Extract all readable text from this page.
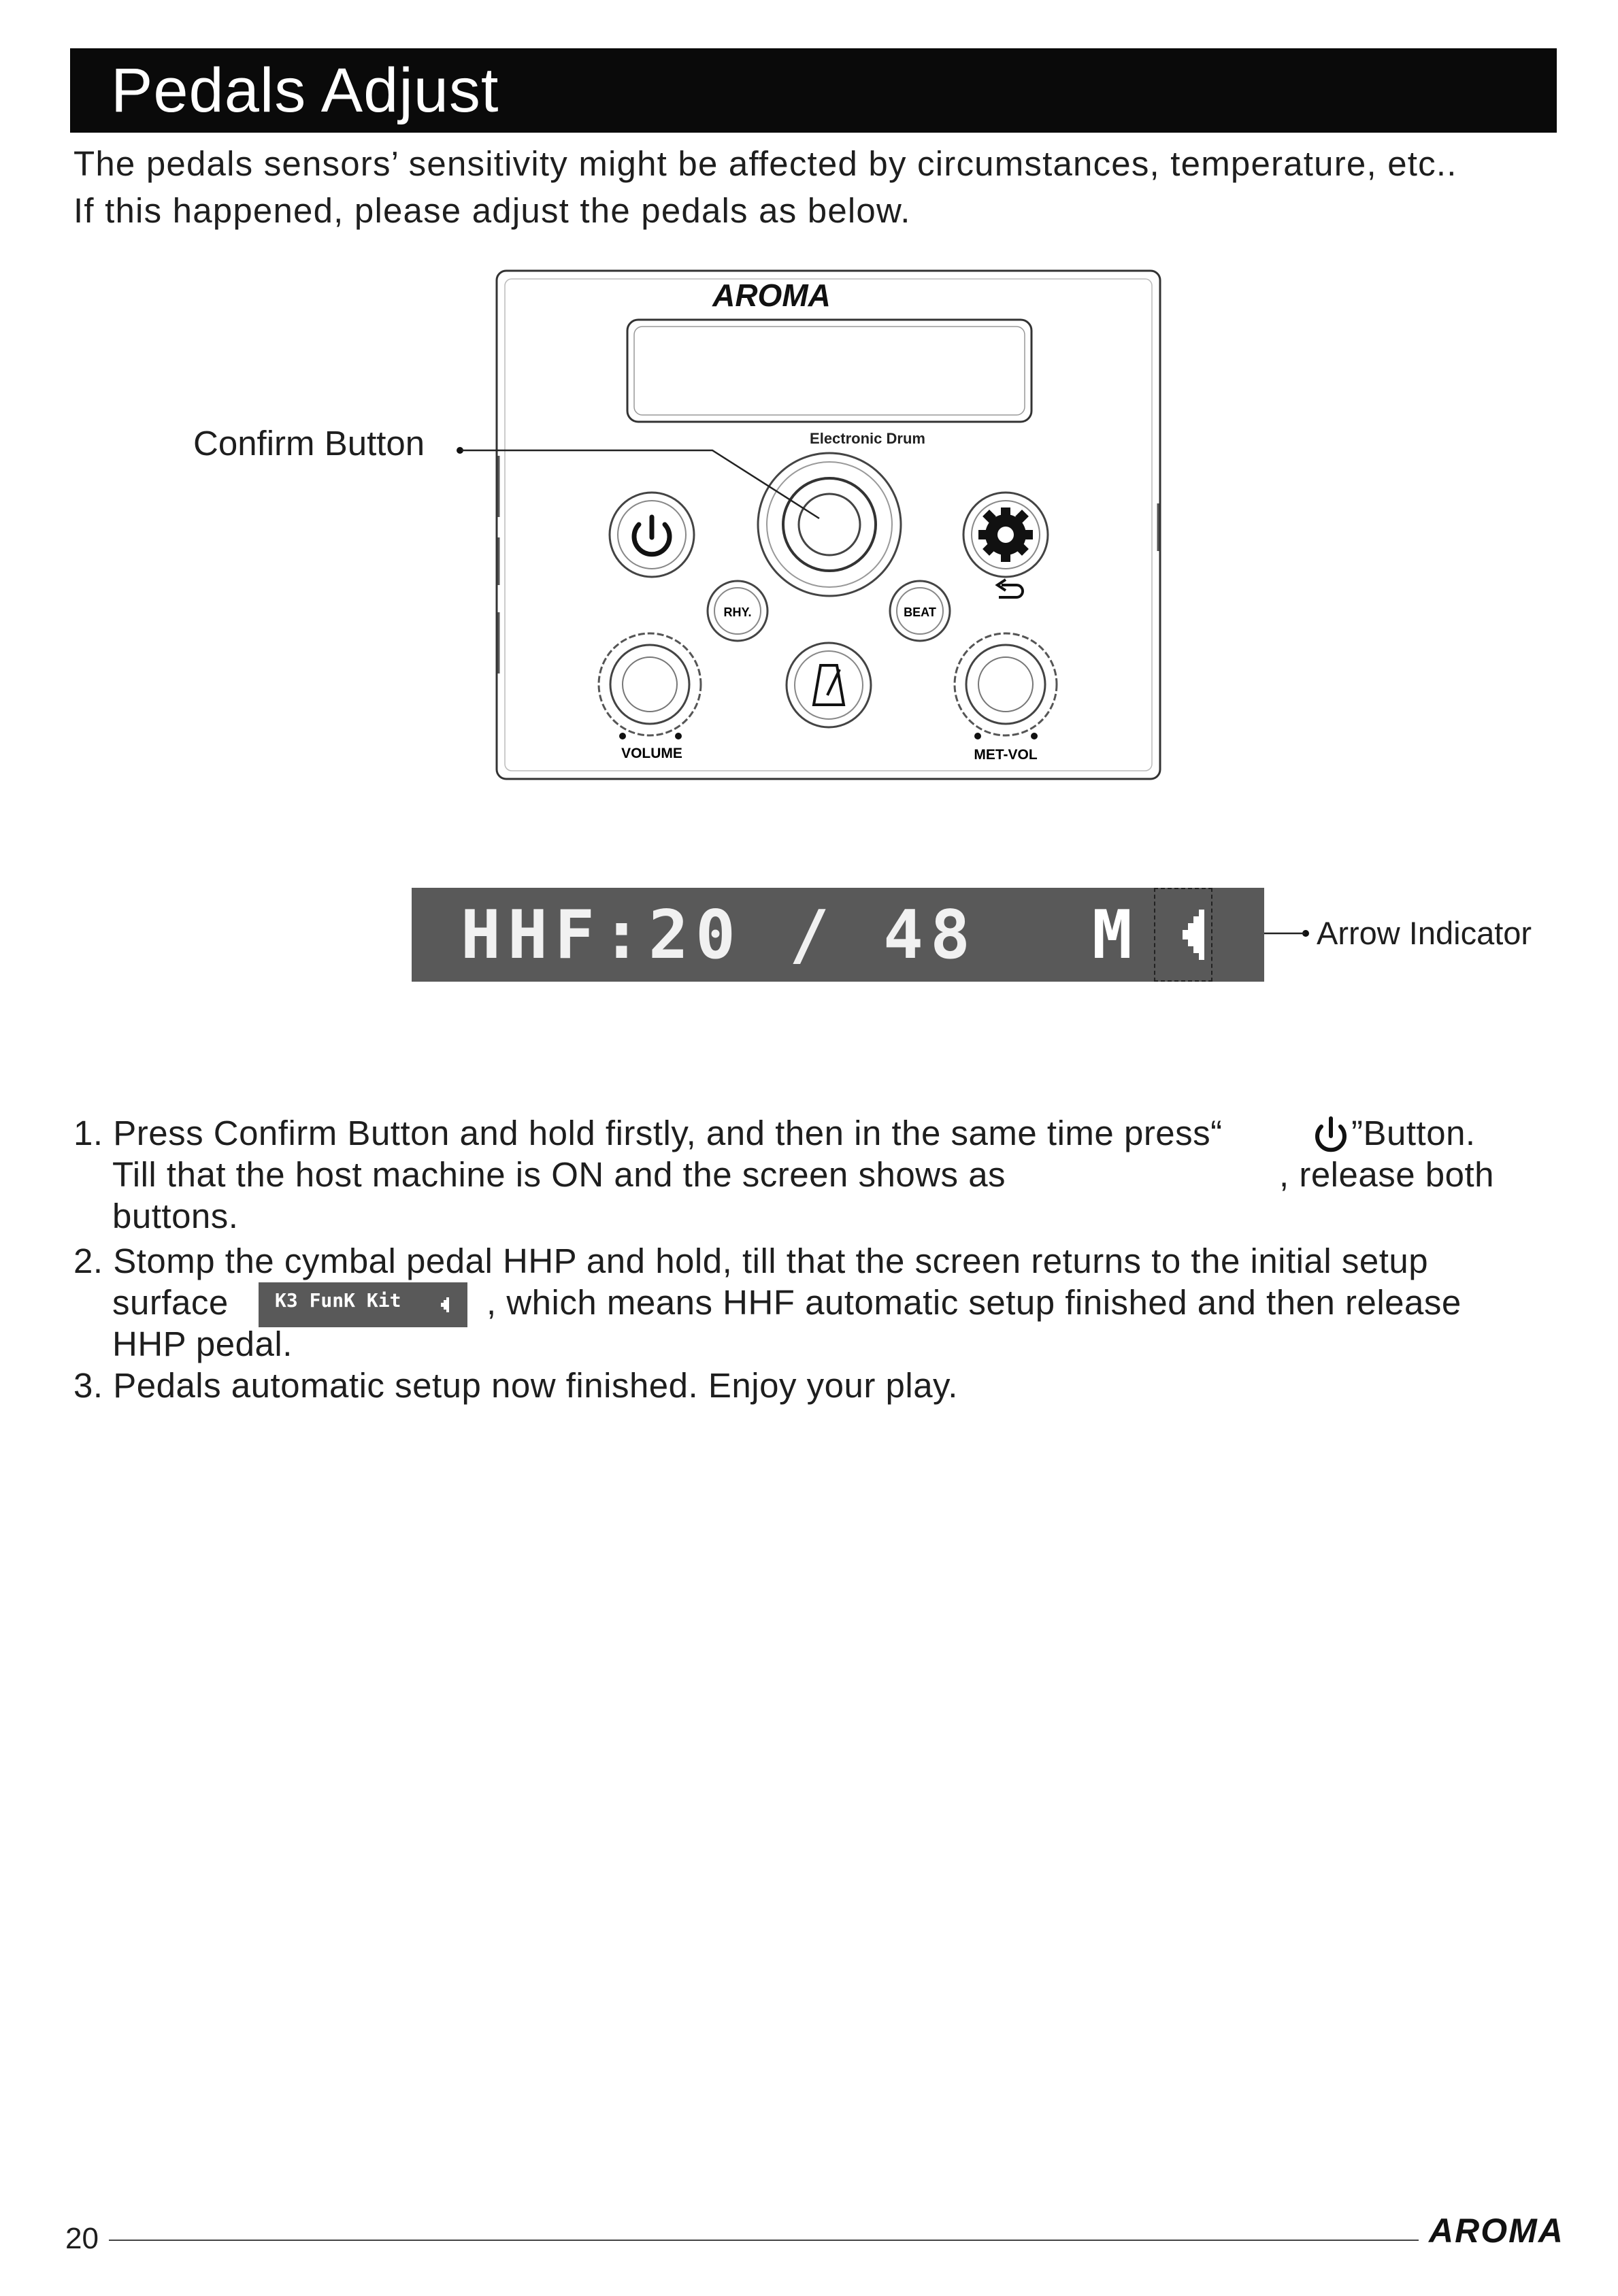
Pedals Adjust
The pedals sensors’ sensitivity might be affected by circumstances, temperature, etc..
If this happened, please adjust the pedals as below.
AROMA
Electronic Drum
RHY.	BEAT
VOLUME	MET-VOL
Confirm Button
HHF:20 / 48 M	Arrow Indicator
1. Press Confirm Button and hold firstly, and then in the same time press“	”Button.
Till that the host machine is ON and the screen shows as	, release both
buttons.
2. Stomp the cymbal pedal HHP and hold, till that the screen returns to the initial setup
surface K3 FunK Kit , which means HHF automatic setup finished and then release
HHP pedal.
3. Pedals automatic setup now finished. Enjoy your play.
20	AROMA
